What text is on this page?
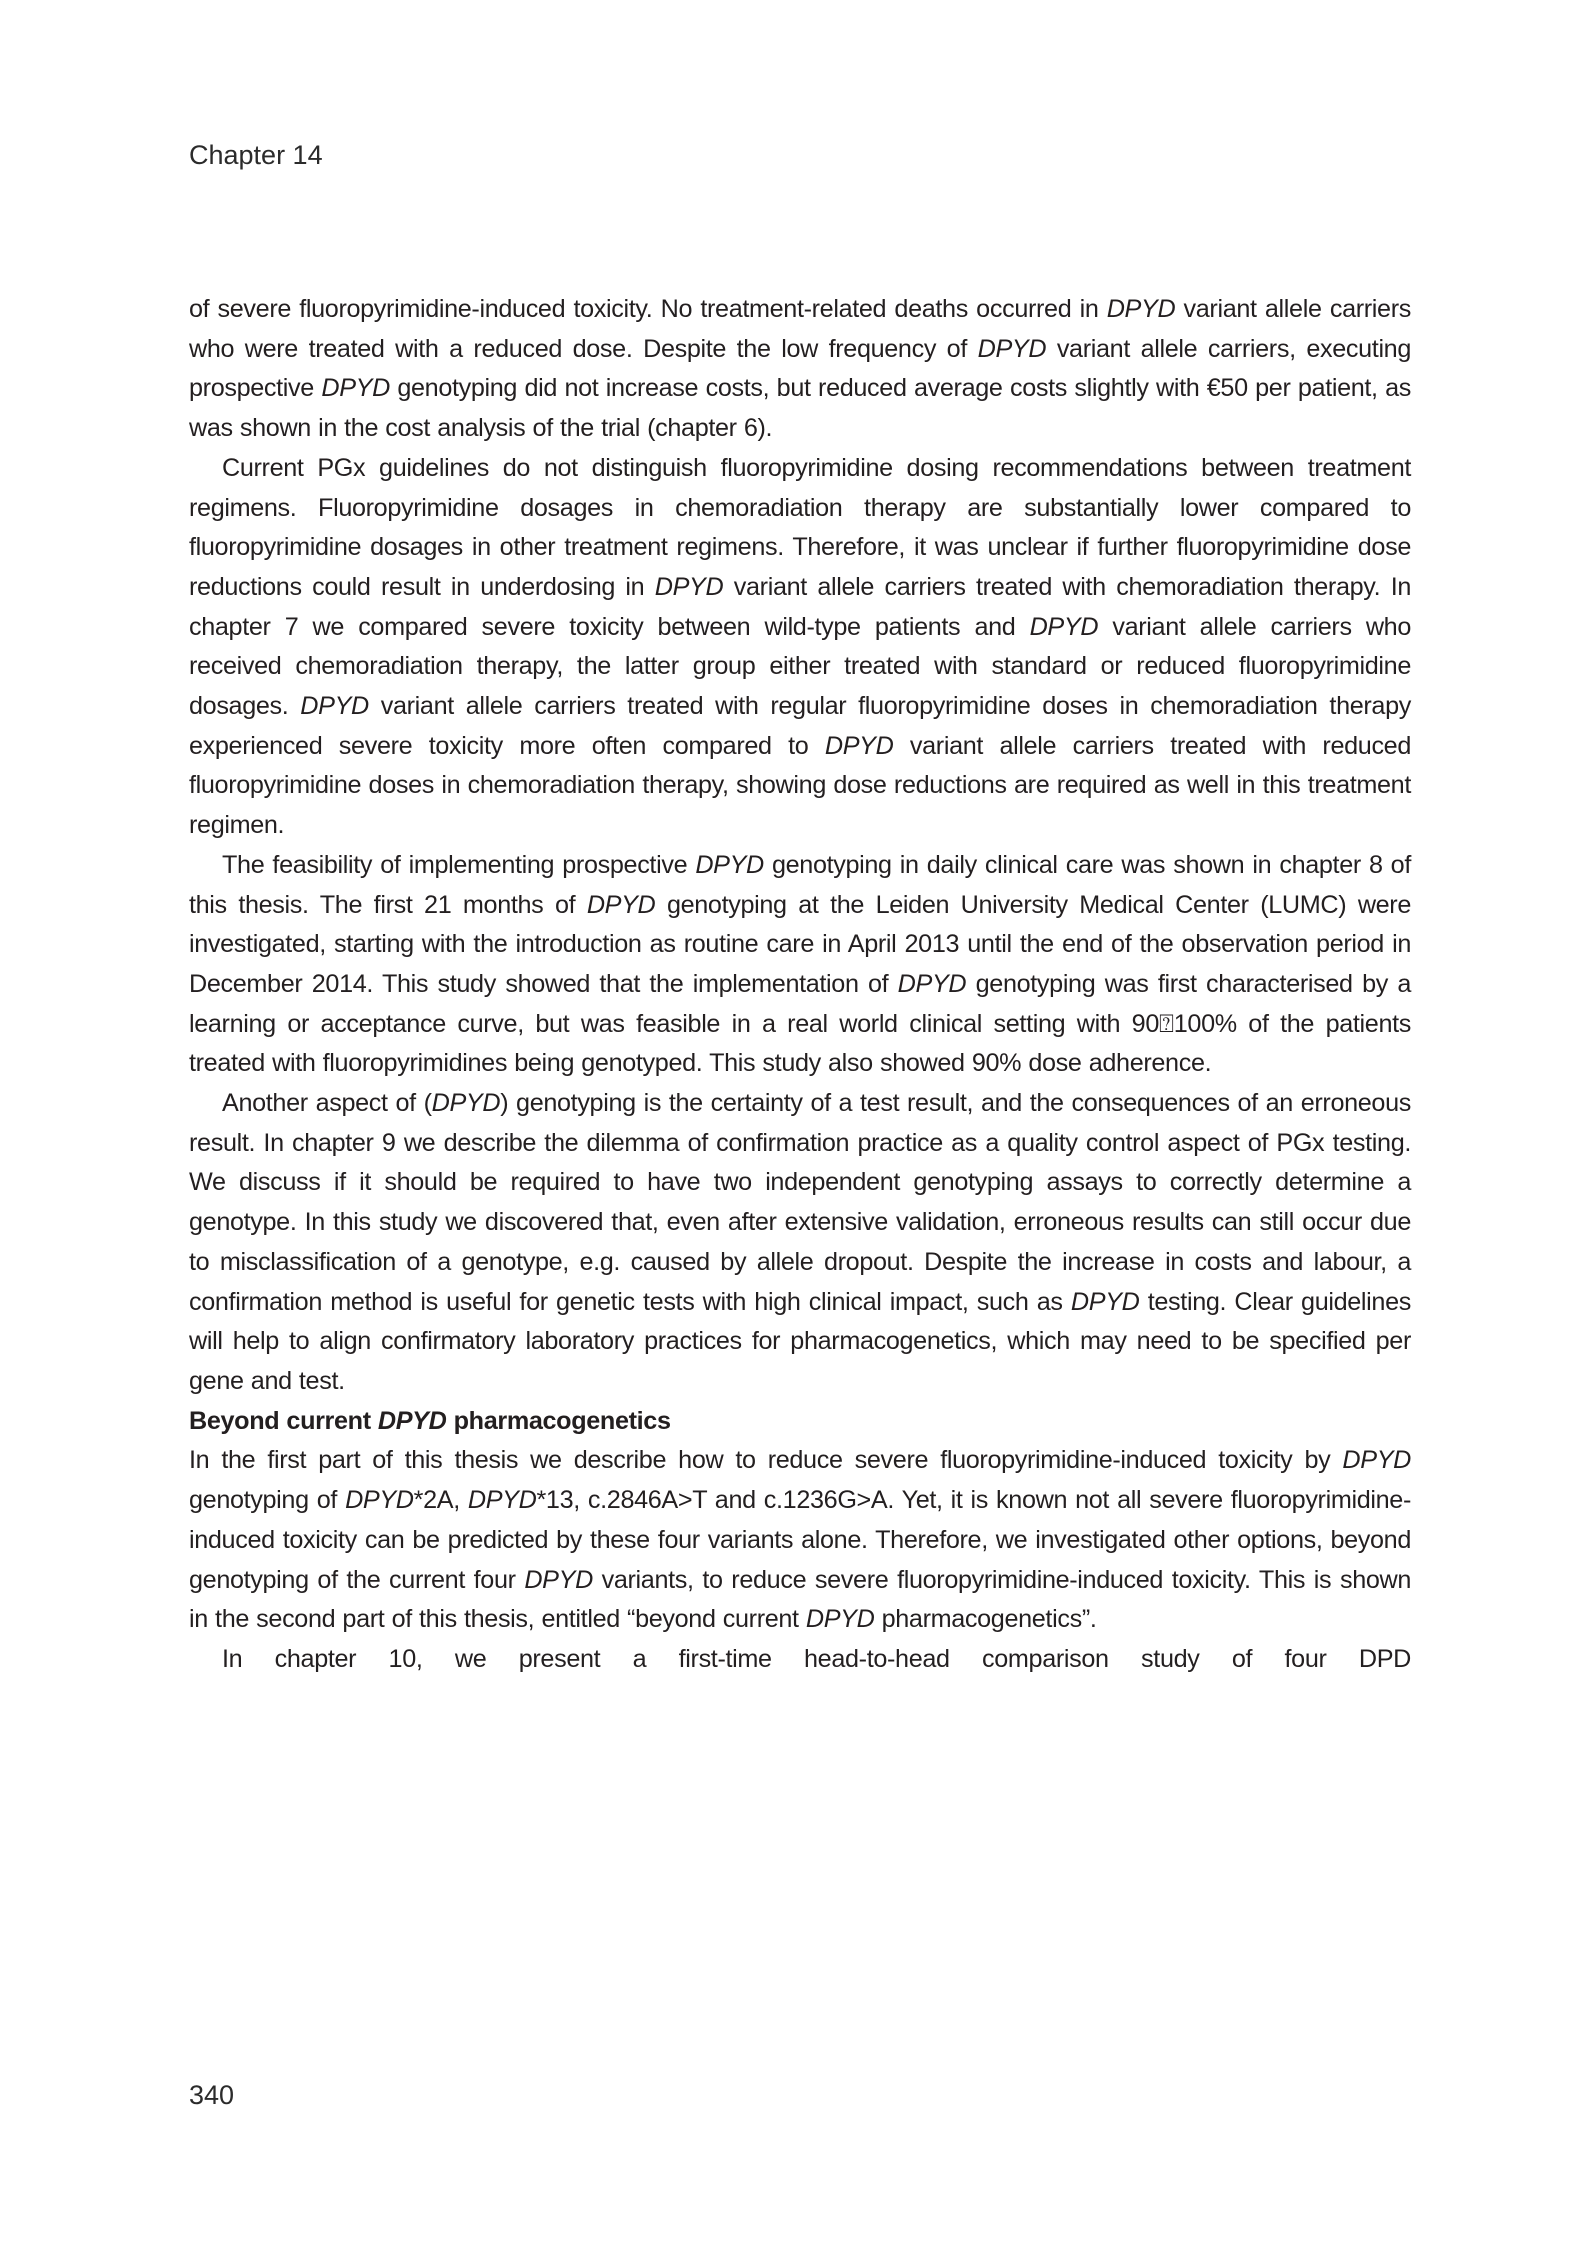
Chapter 14

of severe fluoropyrimidine-induced toxicity. No treatment-related deaths occurred in DPYD variant allele carriers who were treated with a reduced dose. Despite the low frequency of DPYD variant allele carriers, executing prospective DPYD genotyping did not increase costs, but reduced average costs slightly with €50 per patient, as was shown in the cost analysis of the trial (chapter 6).

Current PGx guidelines do not distinguish fluoropyrimidine dosing recommendations between treatment regimens. Fluoropyrimidine dosages in chemoradiation therapy are substantially lower compared to fluoropyrimidine dosages in other treatment regimens. Therefore, it was unclear if further fluoropyrimidine dose reductions could result in underdosing in DPYD variant allele carriers treated with chemoradiation therapy. In chapter 7 we compared severe toxicity between wild-type patients and DPYD variant allele carriers who received chemoradiation therapy, the latter group either treated with standard or reduced fluoropyrimidine dosages. DPYD variant allele carriers treated with regular fluoropyrimidine doses in chemoradiation therapy experienced severe toxicity more often compared to DPYD variant allele carriers treated with reduced fluoropyrimidine doses in chemoradiation therapy, showing dose reductions are required as well in this treatment regimen.

The feasibility of implementing prospective DPYD genotyping in daily clinical care was shown in chapter 8 of this thesis. The first 21 months of DPYD genotyping at the Leiden University Medical Center (LUMC) were investigated, starting with the introduction as routine care in April 2013 until the end of the observation period in December 2014. This study showed that the implementation of DPYD genotyping was first characterised by a learning or acceptance curve, but was feasible in a real world clinical setting with 90⍰100% of the patients treated with fluoropyrimidines being genotyped. This study also showed 90% dose adherence.

Another aspect of (DPYD) genotyping is the certainty of a test result, and the consequences of an erroneous result. In chapter 9 we describe the dilemma of confirmation practice as a quality control aspect of PGx testing. We discuss if it should be required to have two independent genotyping assays to correctly determine a genotype. In this study we discovered that, even after extensive validation, erroneous results can still occur due to misclassification of a genotype, e.g. caused by allele dropout. Despite the increase in costs and labour, a confirmation method is useful for genetic tests with high clinical impact, such as DPYD testing. Clear guidelines will help to align confirmatory laboratory practices for pharmacogenetics, which may need to be specified per gene and test.

Beyond current DPYD pharmacogenetics

In the first part of this thesis we describe how to reduce severe fluoropyrimidine-induced toxicity by DPYD genotyping of DPYD*2A, DPYD*13, c.2846A>T and c.1236G>A. Yet, it is known not all severe fluoropyrimidine-induced toxicity can be predicted by these four variants alone. Therefore, we investigated other options, beyond genotyping of the current four DPYD variants, to reduce severe fluoropyrimidine-induced toxicity. This is shown in the second part of this thesis, entitled “beyond current DPYD pharmacogenetics”.

In chapter 10, we present a first-time head-to-head comparison study of four DPD

340
